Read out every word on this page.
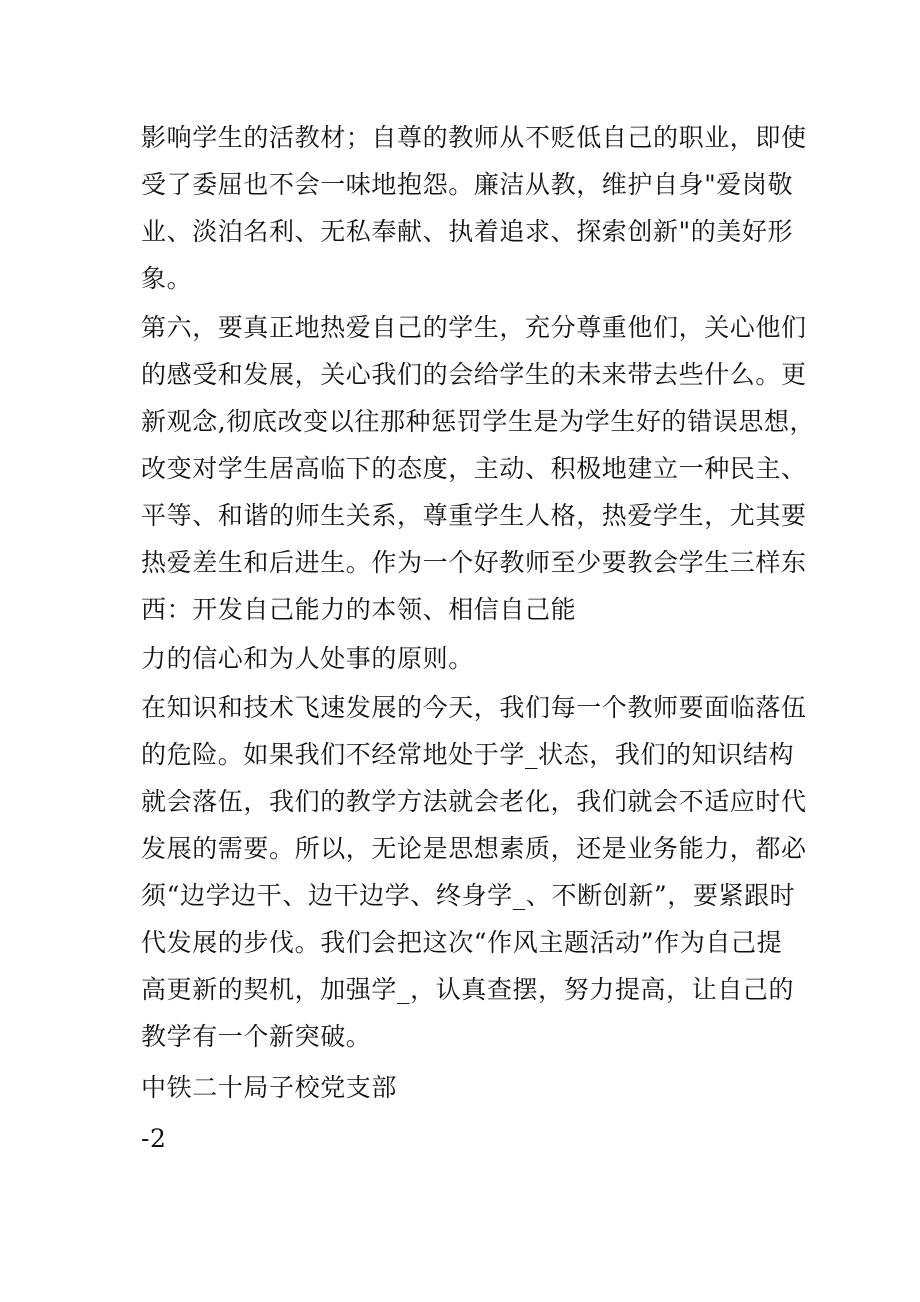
影响学生的活教材；自尊的教师从不贬低自己的职业，即使
受了委屈也不会一味地抱怨。廉洁从教，维护自身"爱岗敬
业、淡泊名利、无私奉献、执着追求、探索创新"的美好形
象。
第六，要真正地热爱自己的学生，充分尊重他们，关心他们
的感受和发展，关心我们的会给学生的未来带去些什么。更
新观念,彻底改变以往那种惩罚学生是为学生好的错误思想，
改变对学生居高临下的态度，主动、积极地建立一种民主、
平等、和谐的师生关系，尊重学生人格，热爱学生，尤其要
热爱差生和后进生。作为一个好教师至少要教会学生三样东
西：开发自己能力的本领、相信自己能
力的信心和为人处事的原则。
在知识和技术飞速发展的今天，我们每一个教师要面临落伍
的危险。如果我们不经常地处于学_状态，我们的知识结构
就会落伍，我们的教学方法就会老化，我们就会不适应时代
发展的需要。所以，无论是思想素质，还是业务能力，都必
须“边学边干、边干边学、终身学_、不断创新”，要紧跟时
代发展的步伐。我们会把这次“作风主题活动”作为自己提
高更新的契机，加强学_，认真查摆，努力提高，让自己的
教学有一个新突破。
中铁二十局子校党支部
-2
